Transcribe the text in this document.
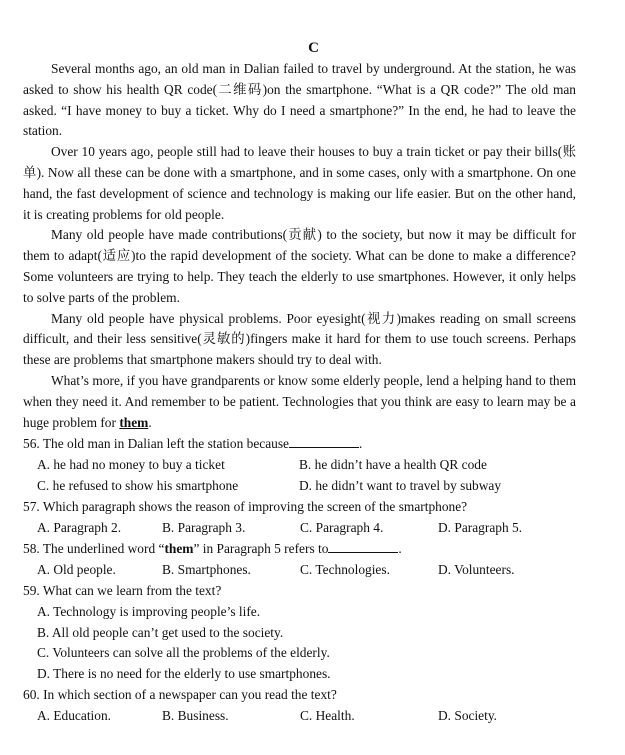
C

Several months ago, an old man in Dalian failed to travel by underground. At the station, he was asked to show his health QR code(二维码)on the smartphone. “What is a QR code?” The old man asked. “I have money to buy a ticket. Why do I need a smartphone?” In the end, he had to leave the station.

Over 10 years ago, people still had to leave their houses to buy a train ticket or pay their bills(账单). Now all these can be done with a smartphone, and in some cases, only with a smartphone. On one hand, the fast development of science and technology is making our life easier. But on the other hand, it is creating problems for old people.

Many old people have made contributions(贡献) to the society, but now it may be difficult for them to adapt(适应)to the rapid development of the society. What can be done to make a difference? Some volunteers are trying to help. They teach the elderly to use smartphones. However, it only helps to solve parts of the problem.

Many old people have physical problems. Poor eyesight(视力)makes reading on small screens difficult, and their less sensitive(灵敏的)fingers make it hard for them to use touch screens. Perhaps these are problems that smartphone makers should try to deal with.

What’s more, if you have grandparents or know some elderly people, lend a helping hand to them when they need it. And remember to be patient. Technologies that you think are easy to learn may be a huge problem for them.

56. The old man in Dalian left the station because	.
A. he had no money to buy a ticket	B. he didn’t have a health QR code
C. he refused to show his smartphone	D. he didn’t want to travel by subway
57. Which paragraph shows the reason of improving the screen of the smartphone?
A. Paragraph 2.	B. Paragraph 3.	C. Paragraph 4.	D. Paragraph 5.
58. The underlined word “them” in Paragraph 5 refers to	.
A. Old people.	B. Smartphones.	C. Technologies.	D. Volunteers.
59. What can we learn from the text?
A. Technology is improving people’s life.
B. All old people can’t get used to the society.
C. Volunteers can solve all the problems of the elderly.
D. There is no need for the elderly to use smartphones.
60. In which section of a newspaper can you read the text?
A. Education.	B. Business.	C. Health.	D. Society.
